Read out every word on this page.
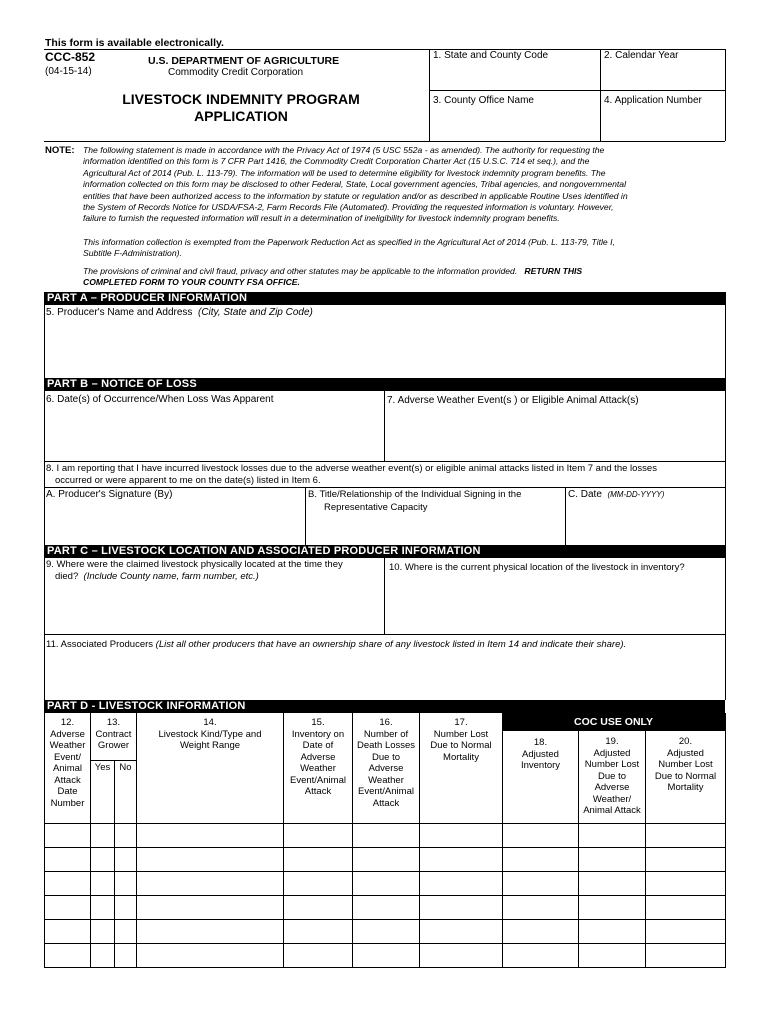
This form is available electronically.
CCC-852
(04-15-14)
U.S. DEPARTMENT OF AGRICULTURE
Commodity Credit Corporation
LIVESTOCK INDEMNITY PROGRAM
APPLICATION
1. State and County Code	2. Calendar Year
3. County Office Name	4. Application Number
NOTE: The following statement is made in accordance with the Privacy Act of 1974 (5 USC 552a - as amended). The authority for requesting the
information identified on this form is 7 CFR Part 1416, the Commodity Credit Corporation Charter Act (15 U.S.C. 714 et seq.), and the
Agricultural Act of 2014 (Pub. L. 113-79). The information will be used to determine eligibility for livestock indemnity program benefits. The
information collected on this form may be disclosed to other Federal, State, Local government agencies, Tribal agencies, and nongovernmental
entities that have been authorized access to the information by statute or regulation and/or as described in applicable Routine Uses identified in
the System of Records Notice for USDA/FSA-2, Farm Records File (Automated). Providing the requested information is voluntary. However,
failure to furnish the requested information will result in a determination of ineligibility for livestock indemnity program benefits.
This information collection is exempted from the Paperwork Reduction Act as specified in the Agricultural Act of 2014 (Pub. L. 113-79, Title I,
Subtitle F-Administration).
The provisions of criminal and civil fraud, privacy and other statutes may be applicable to the information provided. RETURN THIS
COMPLETED FORM TO YOUR COUNTY FSA OFFICE.
PART A – PRODUCER INFORMATION
5. Producer's Name and Address (City, State and Zip Code)
PART B – NOTICE OF LOSS
6. Date(s) of Occurrence/When Loss Was Apparent	7. Adverse Weather Event(s ) or Eligible Animal Attack(s)
8. I am reporting that I have incurred livestock losses due to the adverse weather event(s) or eligible animal attacks listed in Item 7 and the losses
occurred or were apparent to me on the date(s) listed in Item 6.
A. Producer's Signature (By)	B. Title/Relationship of the Individual Signing in the
Representative Capacity
C. Date (MM-DD-YYYY)
PART C – LIVESTOCK LOCATION AND ASSOCIATED PRODUCER INFORMATION
9. Where were the claimed livestock physically located at the time they
died? (Include County name, farm number, etc.)
10. Where is the current physical location of the livestock in inventory?
11. Associated Producers (List all other producers that have an ownership share of any livestock listed in Item 14 and indicate their share).
PART D - LIVESTOCK INFORMATION
COC USE ONLY
12.
Adverse
Weather
Event/
Animal
Attack
Date
Number
13.
Contract
Grower
Yes No
14.
Livestock Kind/Type and
Weight Range
15.
Inventory on
Date of
Adverse
Weather
Event/Animal
Attack
16.
Number of
Death Losses
Due to
Adverse
Weather
Event/Animal
Attack
17.
Number Lost
Due to Normal
Mortality
18.
Adjusted
Inventory
19.
Adjusted
Number Lost
Due to
Adverse
Weather/
Animal Attack
20.
Adjusted
Number Lost
Due to Normal
Mortality
